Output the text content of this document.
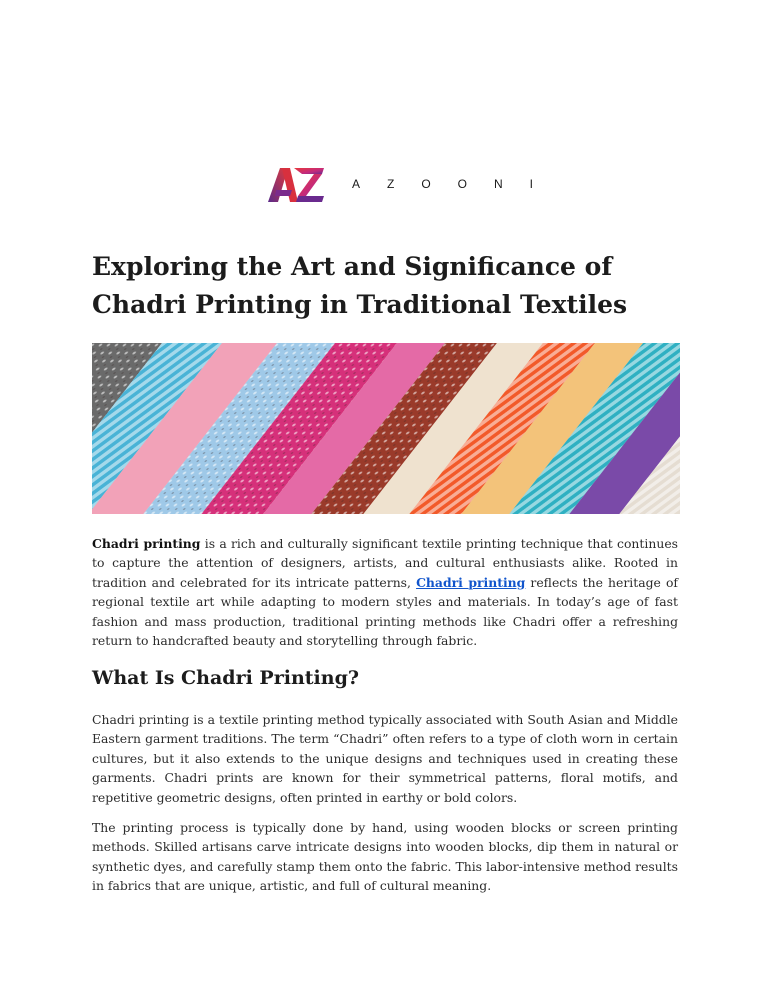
AZOONI
Exploring the Art and Significance of Chadri Printing in Traditional Textiles

Chadri printing is a rich and culturally significant textile printing technique that continues to capture the attention of designers, artists, and cultural enthusiasts alike. Rooted in tradition and celebrated for its intricate patterns, Chadri printing reflects the heritage of regional textile art while adapting to modern styles and materials. In today’s age of fast fashion and mass production, traditional printing methods like Chadri offer a refreshing return to handcrafted beauty and storytelling through fabric.

What Is Chadri Printing?

Chadri printing is a textile printing method typically associated with South Asian and Middle Eastern garment traditions. The term “Chadri” often refers to a type of cloth worn in certain cultures, but it also extends to the unique designs and techniques used in creating these garments. Chadri prints are known for their symmetrical patterns, floral motifs, and repetitive geometric designs, often printed in earthy or bold colors.

The printing process is typically done by hand, using wooden blocks or screen printing methods. Skilled artisans carve intricate designs into wooden blocks, dip them in natural or synthetic dyes, and carefully stamp them onto the fabric. This labor-intensive method results in fabrics that are unique, artistic, and full of cultural meaning.
